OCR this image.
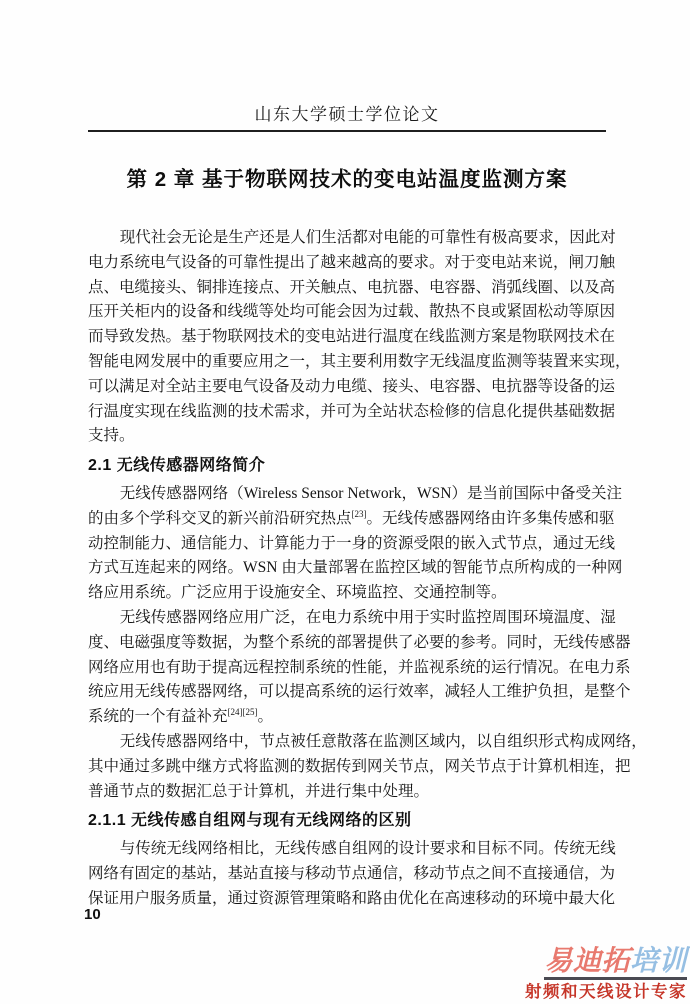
山东大学硕士学位论文
第 2 章 基于物联网技术的变电站温度监测方案
现代社会无论是生产还是人们生活都对电能的可靠性有极高要求，因此对
电力系统电气设备的可靠性提出了越来越高的要求。对于变电站来说，闸刀触
点、电缆接头、铜排连接点、开关触点、电抗器、电容器、消弧线圈、以及高
压开关柜内的设备和线缆等处均可能会因为过载、散热不良或紧固松动等原因
而导致发热。基于物联网技术的变电站进行温度在线监测方案是物联网技术在
智能电网发展中的重要应用之一，其主要利用数字无线温度监测等装置来实现，
可以满足对全站主要电气设备及动力电缆、接头、电容器、电抗器等设备的运
行温度实现在线监测的技术需求，并可为全站状态检修的信息化提供基础数据
支持。
2.1 无线传感器网络简介
无线传感器网络（Wireless Sensor Network，WSN）是当前国际中备受关注
的由多个学科交叉的新兴前沿研究热点[23]。无线传感器网络由许多集传感和驱
动控制能力、通信能力、计算能力于一身的资源受限的嵌入式节点，通过无线
方式互连起来的网络。WSN 由大量部署在监控区域的智能节点所构成的一种网
络应用系统。广泛应用于设施安全、环境监控、交通控制等。
无线传感器网络应用广泛，在电力系统中用于实时监控周围环境温度、湿
度、电磁强度等数据，为整个系统的部署提供了必要的参考。同时，无线传感器
网络应用也有助于提高远程控制系统的性能，并监视系统的运行情况。在电力系
统应用无线传感器网络，可以提高系统的运行效率，减轻人工维护负担，是整个
系统的一个有益补充[24][25]。
无线传感器网络中，节点被任意散落在监测区域内，以自组织形式构成网络，
其中通过多跳中继方式将监测的数据传到网关节点，网关节点于计算机相连，把
普通节点的数据汇总于计算机，并进行集中处理。
2.1.1 无线传感自组网与现有无线网络的区别
与传统无线网络相比，无线传感自组网的设计要求和目标不同。传统无线
网络有固定的基站，基站直接与移动节点通信，移动节点之间不直接通信，为
保证用户服务质量，通过资源管理策略和路由优化在高速移动的环境中最大化
10
易迪拓培训
射频和天线设计专家
